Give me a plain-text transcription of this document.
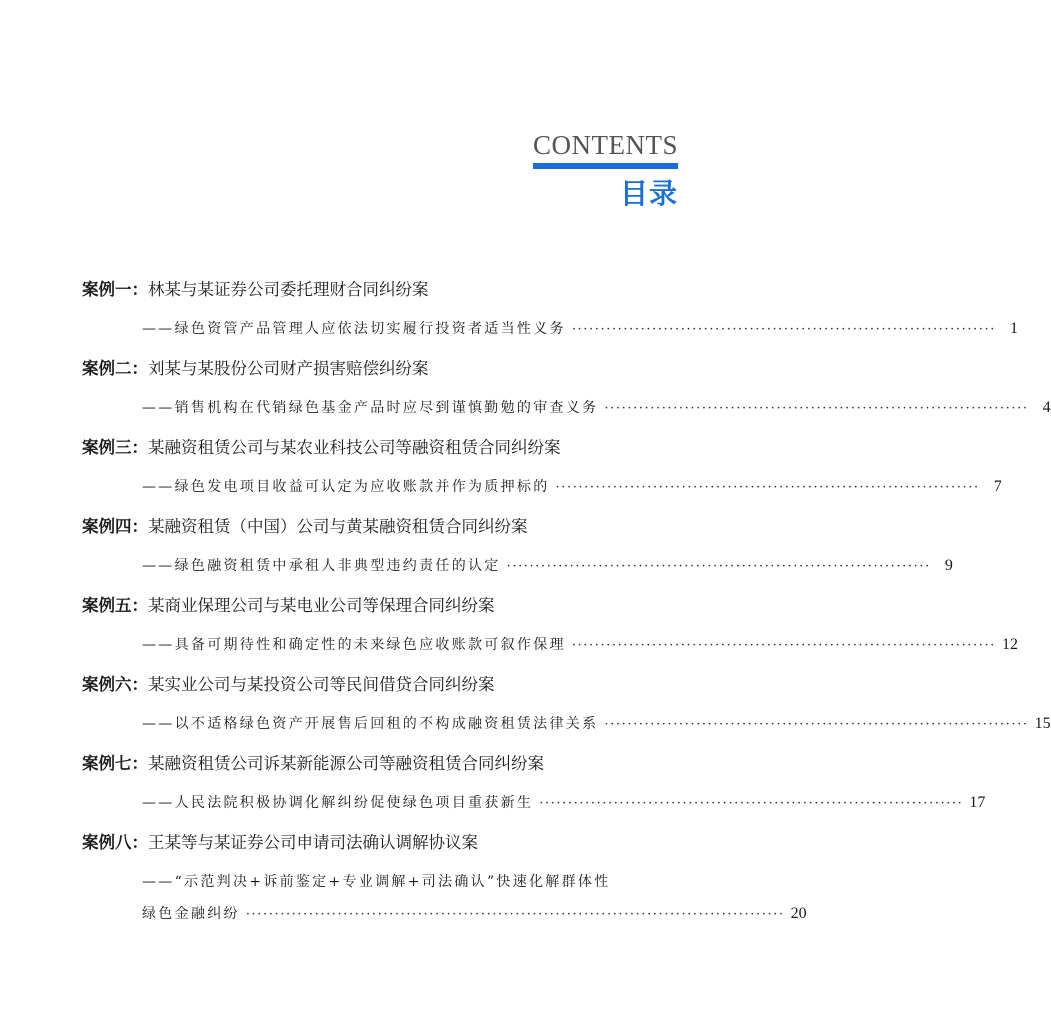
CONTENTS
目录
案例一：林某与某证券公司委托理财合同纠纷案
——绿色资管产品管理人应依法切实履行投资者适当性义务 ·········································································· 1
案例二：刘某与某股份公司财产损害赔偿纠纷案
——销售机构在代销绿色基金产品时应尽到谨慎勤勉的审查义务 ·········································································· 4
案例三：某融资租赁公司与某农业科技公司等融资租赁合同纠纷案
——绿色发电项目收益可认定为应收账款并作为质押标的 ·········································································· 7
案例四：某融资租赁（中国）公司与黄某融资租赁合同纠纷案
——绿色融资租赁中承租人非典型违约责任的认定 ·········································································· 9
案例五：某商业保理公司与某电业公司等保理合同纠纷案
——具备可期待性和确定性的未来绿色应收账款可叙作保理 ·········································································· 12
案例六：某实业公司与某投资公司等民间借贷合同纠纷案
——以不适格绿色资产开展售后回租的不构成融资租赁法律关系 ·········································································· 15
案例七：某融资租赁公司诉某新能源公司等融资租赁合同纠纷案
——人民法院积极协调化解纠纷促使绿色项目重获新生 ·········································································· 17
案例八：王某等与某证券公司申请司法确认调解协议案
——“示范判决+诉前鉴定+专业调解+司法确认”快速化解群体性
绿色金融纠纷 ······························································································ 20
